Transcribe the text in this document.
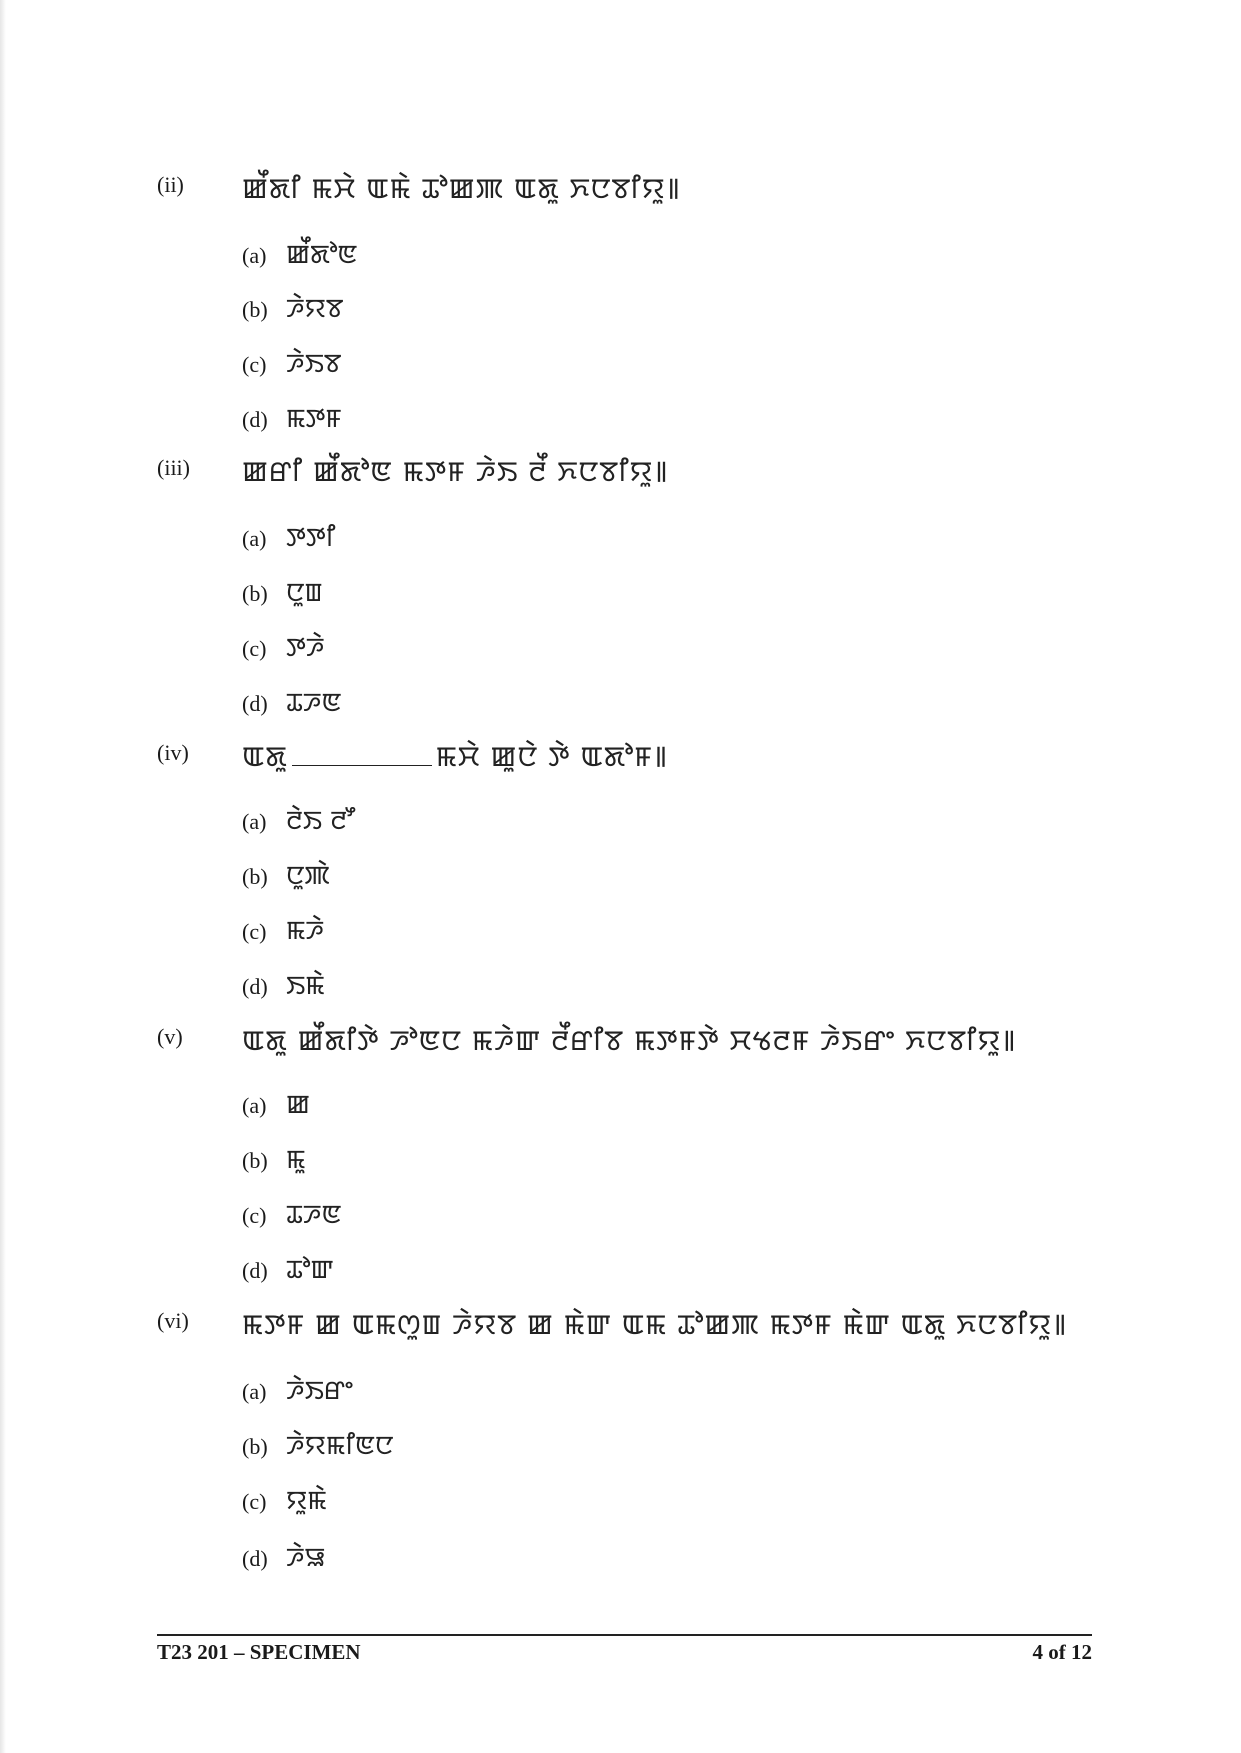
(ii) ꯀꯩꯗꯤ ꯃꯆꯥ ꯑꯃꯥ ꯊꯣꯀꯄ ꯑꯗꯨ ꯈꯅꯕꯤꯌꯨ꯫
(a) ꯀꯩꯗꯣꯟ
(b) ꯍꯥꯌꯕ
(c) ꯍꯥꯏꯕ
(d) ꯃꯇꯝ
(iii) ꯀꯔꯤ ꯀꯩꯗꯣꯟ ꯃꯇꯝ ꯍꯥꯏ ꯂꯩ ꯈꯅꯕꯤꯌꯨ꯫
(a) ꯇꯇꯤ
(b) ꯅꯨꯡ
(c) ꯇꯍꯥ
(d) ꯊꯍꯟ
(iv) ꯑꯗꯨ	ꯃꯆꯥ ꯀꯨꯅꯥ ꯇꯥ ꯑꯗꯣꯝ꯫
(a) ꯂꯥꯏ ꯂꯧ
(b) ꯅꯨꯄꯥ
(c) ꯃꯍꯥ
(d) ꯏꯃꯥ
(v) ꯑꯗꯨ ꯀꯩꯗꯤꯇꯥ ꯍꯣꯟꯅ ꯃꯍꯥꯛ ꯂꯩꯔꯤꯕ ꯃꯇꯝꯇꯥ ꯆꯠꯂꯝ ꯍꯥꯏꯔꯦ ꯈꯅꯕꯤꯌꯨ꯫
(a) ꯀ
(b) ꯃꯨ
(c) ꯊꯍꯟ
(d) ꯊꯣꯛ
(vi) ꯃꯇꯝ ꯀ ꯑꯃꯁꯨꯡ ꯍꯥꯌꯕ ꯀ ꯃꯥꯛ ꯑꯃ ꯊꯣꯀꯄ ꯃꯇꯝ ꯃꯥꯛ ꯑꯗꯨ ꯈꯅꯕꯤꯌꯨ꯫
(a) ꯍꯥꯏꯔꯦ
(b) ꯍꯥꯌꯃꯤꯟꯅ
(c) ꯌꯨꯃꯥ
(d) ꯍꯥꯎ
T23 201 – SPECIMEN	4 of 12
